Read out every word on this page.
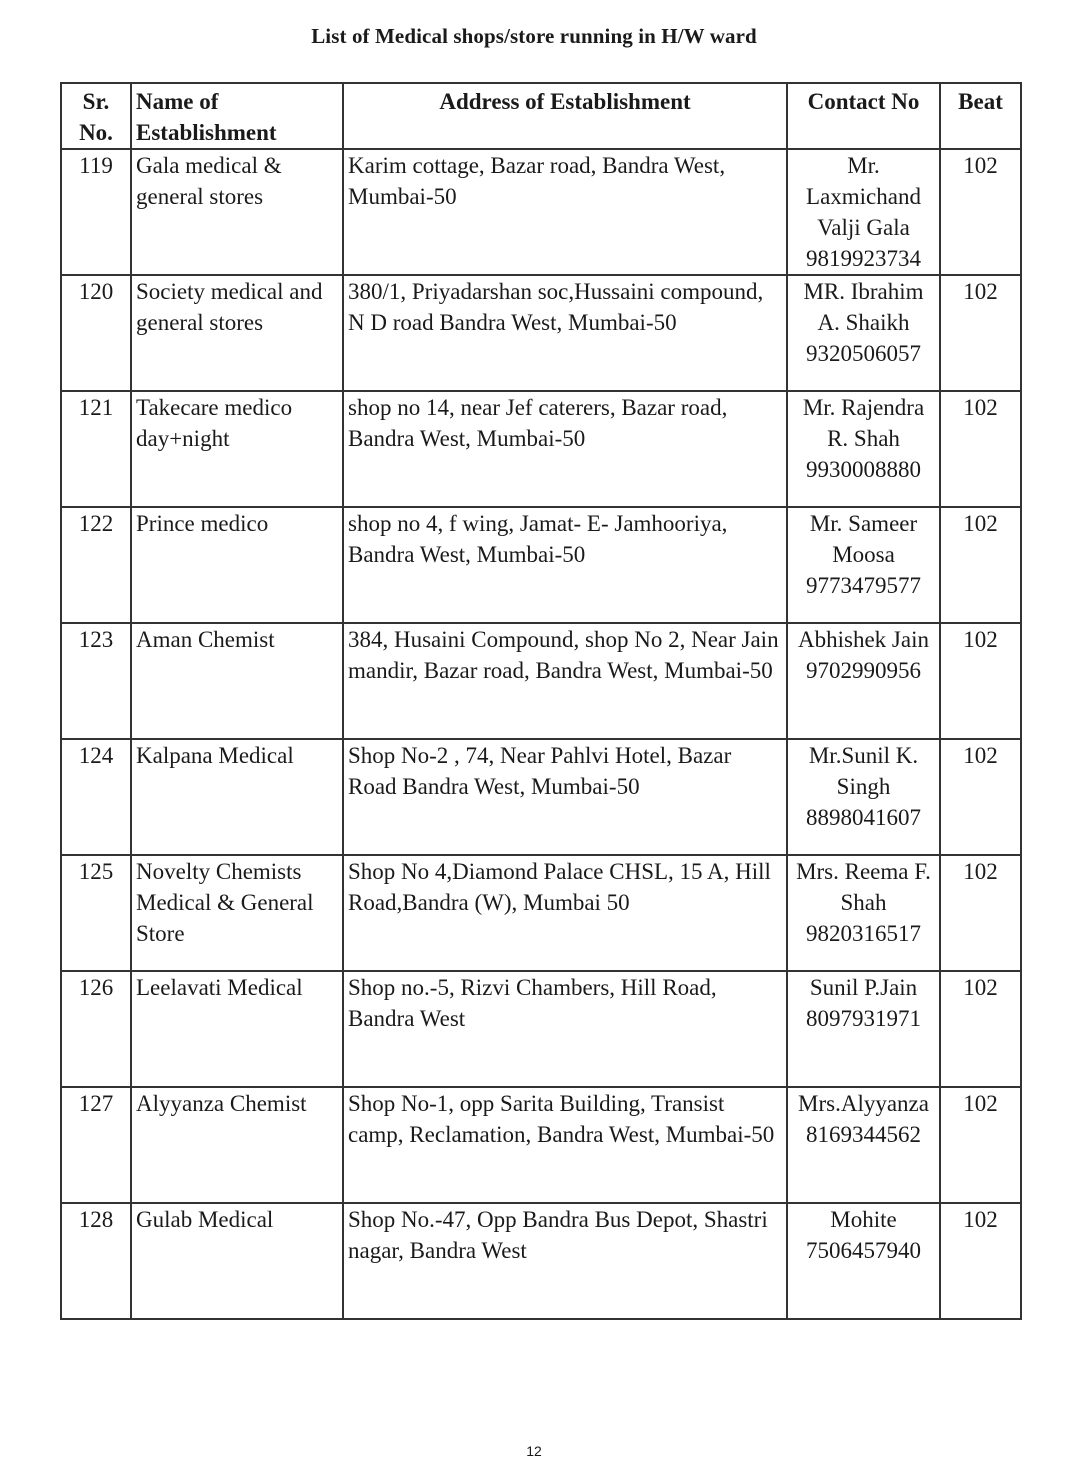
List of Medical shops/store running in H/W ward
Sr. No.	Name of Establishment	Address of Establishment	Contact No	Beat
119	Gala medical & general stores	Karim cottage, Bazar road, Bandra West, Mumbai-50	Mr. Laxmichand Valji Gala 9819923734	102
120	Society medical and general stores	380/1, Priyadarshan soc,Hussaini compound, N D road Bandra West, Mumbai-50	MR. Ibrahim A. Shaikh 9320506057	102
121	Takecare medico day+night	shop no 14, near Jef caterers, Bazar road, Bandra West, Mumbai-50	Mr. Rajendra R. Shah 9930008880	102
122	Prince medico	shop no 4, f wing, Jamat- E- Jamhooriya, Bandra West, Mumbai-50	Mr. Sameer Moosa 9773479577	102
123	Aman Chemist	384, Husaini Compound, shop No 2, Near Jain mandir, Bazar road, Bandra West, Mumbai-50	Abhishek Jain 9702990956	102
124	Kalpana Medical	Shop No-2 , 74, Near Pahlvi Hotel, Bazar Road Bandra West, Mumbai-50	Mr.Sunil K. Singh 8898041607	102
125	Novelty Chemists Medical & General Store	Shop No 4,Diamond Palace CHSL, 15 A, Hill Road,Bandra (W), Mumbai 50	Mrs. Reema F. Shah 9820316517	102
126	Leelavati Medical	Shop no.-5, Rizvi Chambers, Hill Road, Bandra West	Sunil P.Jain 8097931971	102
127	Alyyanza Chemist	Shop No-1, opp Sarita Building, Transist camp, Reclamation, Bandra West, Mumbai-50	Mrs.Alyyanza 8169344562	102
128	Gulab Medical	Shop No.-47, Opp Bandra Bus Depot, Shastri nagar, Bandra West	Mohite 7506457940	102
12
